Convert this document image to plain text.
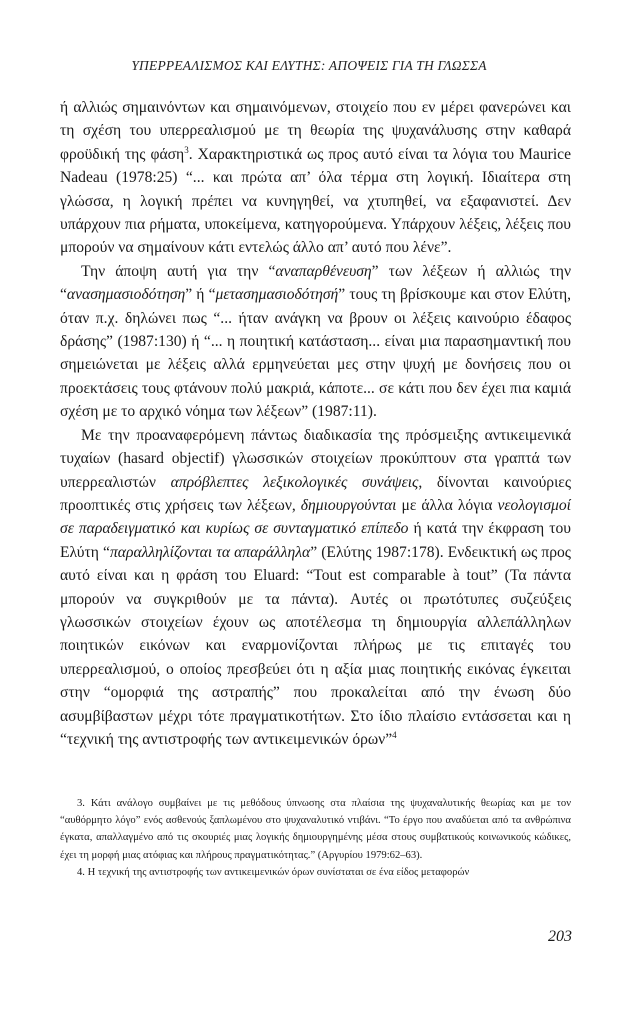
ΥΠΕΡΡΕΑΛΙΣΜΟΣ ΚΑΙ ΕΛΥΤΗΣ: ΑΠΟΨΕΙΣ ΓΙΑ ΤΗ ΓΛΩΣΣΑ

ή αλλιώς σημαινόντων και σημαινόμενων, στοιχείο που εν μέρει φανερώνει και τη σχέση του υπερρεαλισμού με τη θεωρία της ψυχανάλυσης στην καθαρά φροϋδική της φάση$^3$. Χαρακτηριστικά ως προς αυτό είναι τα λόγια του Maurice Nadeau (1978:25) “... και πρώτα απ’ όλα τέρμα στη λογική. Ιδιαίτερα στη γλώσσα, η λογική πρέπει να κυνηγηθεί, να χτυπηθεί, να εξαφανιστεί. Δεν υπάρχουν πια ρήματα, υποκείμενα, κατηγορούμενα. Υπάρχουν λέξεις, λέξεις που μπορούν να σημαίνουν κάτι εντελώς άλλο απ’ αυτό που λένε”.

Την άποψη αυτή για την “αναπαρθένευση” των λέξεων ή αλλιώς την “ανασημασιοδότηση” ή “μετασημασιοδότησή” τους τη βρίσκουμε και στον Ελύτη, όταν π.χ. δηλώνει πως “... ήταν ανάγκη να βρουν οι λέξεις καινούριο έδαφος δράσης” (1987:130) ή “... η ποιητική κατάσταση... είναι μια παρασημαντική που σημειώνεται με λέξεις αλλά ερμηνεύεται μες στην ψυχή με δονήσεις που οι προεκτάσεις τους φτάνουν πολύ μακριά, κάποτε... σε κάτι που δεν έχει πια καμιά σχέση με το αρχικό νόημα των λέξεων” (1987:11).

Με την προαναφερόμενη πάντως διαδικασία της πρόσμειξης αντικειμενικά τυχαίων (hasard objectif) γλωσσικών στοιχείων προκύπτουν στα γραπτά των υπερρεαλιστών απρόβλεπτες λεξικολογικές συνάψεις, δίνονται καινούριες προοπτικές στις χρήσεις των λέξεων, δημιουργούνται με άλλα λόγια νεολογισμοί σε παραδειγματικό και κυρίως σε συνταγματικό επίπεδο ή κατά την έκφραση του Ελύτη “παραλληλίζονται τα απαράλληλα” (Ελύτης 1987:178). Ενδεικτική ως προς αυτό είναι και η φράση του Eluard: “Tout est comparable à tout” (Τα πάντα μπορούν να συγκριθούν με τα πάντα). Αυτές οι πρωτότυπες συζεύξεις γλωσσικών στοιχείων έχουν ως αποτέλεσμα τη δημιουργία αλλεπάλληλων ποιητικών εικόνων και εναρμονίζονται πλήρως με τις επιταγές του υπερρεαλισμού, ο οποίος πρεσβεύει ότι η αξία μιας ποιητικής εικόνας έγκειται στην “ομορφιά της αστραπής” που προκαλείται από την ένωση δύο ασυμβίβαστων μέχρι τότε πραγματικοτήτων. Στο ίδιο πλαίσιο εντάσσεται και η “τεχνική της αντιστροφής των αντικειμενικών όρων”$^4$

3. Κάτι ανάλογο συμβαίνει με τις μεθόδους ύπνωσης στα πλαίσια της ψυχαναλυτικής θεωρίας και με τον “αυθόρμητο λόγο” ενός ασθενούς ξαπλωμένου στο ψυχαναλυτικό ντιβάνι. “Το έργο που αναδύεται από τα ανθρώπινα έγκατα, απαλλαγμένο από τις σκουριές μιας λογικής δημιουργημένης μέσα στους συμβατικούς κοινωνικούς κώδικες, έχει τη μορφή μιας ατόφιας και πλήρους πραγματικότητας.” (Αργυρίου 1979:62–63).

4. Η τεχνική της αντιστροφής των αντικειμενικών όρων συνίσταται σε ένα είδος μεταφορών

203
